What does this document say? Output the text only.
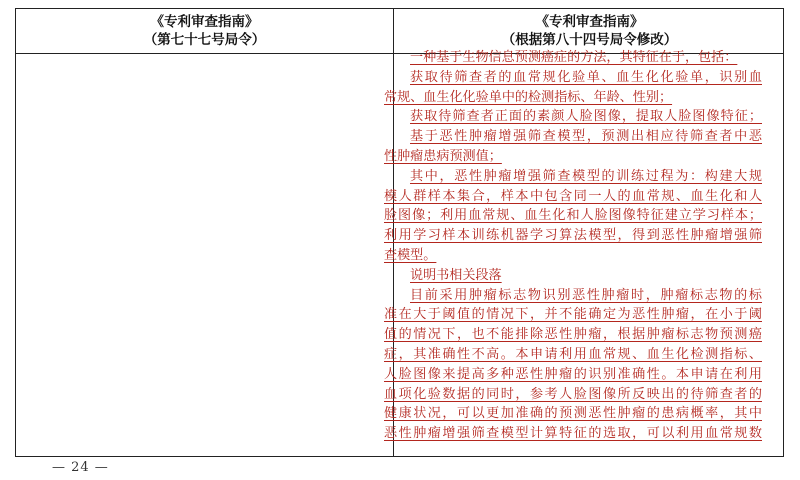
《专利审查指南》
（第七十七号局令）
《专利审查指南》
（根据第八十四号局令修改）
一种基于生物信息预测癌症的方法，其特征在于，包括：
获取待筛查者的血常规化验单、血生化化验单，识别血
常规、血生化化验单中的检测指标、年龄、性别；
获取待筛查者正面的素颜人脸图像，提取人脸图像特征；
基于恶性肿瘤增强筛查模型，预测出相应待筛查者中恶
性肿瘤患病预测值；
其中，恶性肿瘤增强筛查模型的训练过程为：构建大规
模人群样本集合，样本中包含同一人的血常规、血生化和人
脸图像；利用血常规、血生化和人脸图像特征建立学习样本；
利用学习样本训练机器学习算法模型，得到恶性肿瘤增强筛
查模型。
说明书相关段落
目前采用肿瘤标志物识别恶性肿瘤时，肿瘤标志物的标
准在大于阈值的情况下，并不能确定为恶性肿瘤，在小于阈
值的情况下，也不能排除恶性肿瘤，根据肿瘤标志物预测癌
症，其准确性不高。本申请利用血常规、血生化检测指标、
人脸图像来提高多种恶性肿瘤的识别准确性。本申请在利用
血项化验数据的同时，参考人脸图像所反映出的待筛查者的
健康状况，可以更加准确的预测恶性肿瘤的患病概率，其中
恶性肿瘤增强筛查模型计算特征的选取，可以利用血常规数
— 24 —
